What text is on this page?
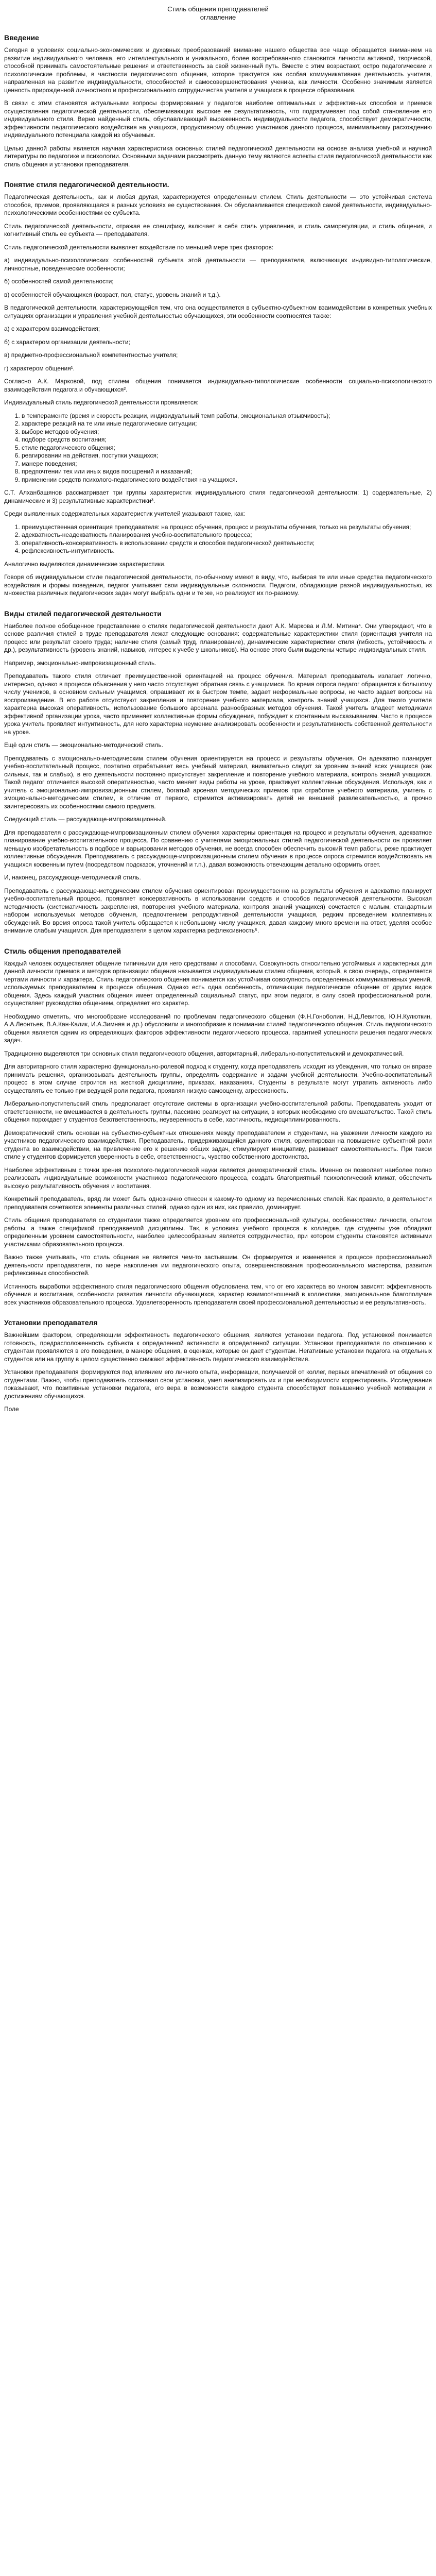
Стиль общения преподавателей
оглавление
Введение

Сегодня в условиях социально-экономических и духовных преобразований внимание нашего общества все чаще обращается вниманием на развитие индивидуального человека, его интеллектуального и уникального, более востребованного становится личности активной, творческой, способной принимать самостоятельные решения и ответственность за свой жизненный путь. Вместе с этим возрастают, остро педагогические и психологические проблемы, в частности педагогического общения, которое трактуется как особая коммуникативная деятельность учителя, направленная на развитие индивидуальности, способностей и самосовершенствования ученика, как личности. Особенно значимым является ценность прирожденной личностного и профессионального сотрудничества учителя и учащихся в процессе образования.

В связи с этим становятся актуальными вопросы формирования у педагогов наиболее оптимальных и эффективных способов и приемов осуществления педагогической деятельности, обеспечивающих высокие ее результативность, что подразумевает под собой становление его индивидуального стиля. Верно найденный стиль, обуславливающий выраженность индивидуальности педагога, способствует демократичности, эффективности педагогического воздействия на учащихся, продуктивному общению участников данного процесса, минимальному расхождению индивидуального потенциала каждой из обучаемых.

Целью данной работы является научная характеристика основных стилей педагогической деятельности на основе анализа учебной и научной литературы по педагогике и психологии. Основными задачами рассмотреть данную тему являются аспекты стиля педагогической деятельности как стиль общения и установки преподавателя.

Понятие стиля педагогической деятельности.

Педагогическая деятельность, как и любая другая, характеризуется определенным стилем. Стиль деятельности — это устойчивая система способов, приемов, проявляющаяся в разных условиях ее существования. Он обуславливается спецификой самой деятельности, индивидуально-психологическими особенностями ее субъекта.

Стиль педагогической деятельности, отражая ее специфику, включает в себя стиль управления, и стиль саморегуляции, и стиль общения, и когнитивный стиль ее субъекта — преподавателя.

Стиль педагогической деятельности выявляет воздействие по меньшей мере трех факторов:

a) индивидуально-психологических особенностей субъекта этой деятельности — преподавателя, включающих индивидно-типологические, личностные, поведенческие особенности;

б) особенностей самой деятельности;

в) особенностей обучающихся (возраст, пол, статус, уровень знаний и т.д.).

В педагогической деятельности, характеризующейся тем, что она осуществляется в субъектно-субъектном взаимодействии в конкретных учебных ситуациях организации и управления учебной деятельностью обучающихся, эти особенности соотносятся также:

a) с характером взаимодействия;

б) с характером организации деятельности;

в) предметно-профессиональной компетентностью учителя;

г) характером общения¹.

Согласно А.К. Марковой, под стилем общения понимается индивидуально-типологические особенности социально-психологического взаимодействия педагога и обучающихся².

Индивидуальный стиль педагогической деятельности проявляется:

1. в темпераменте (время и скорость реакции, индивидуальный темп работы, эмоциональная отзывчивость);
2. характере реакций на те или иные педагогические ситуации;
3. выборе методов обучения;
4. подборе средств воспитания;
5. стиле педагогического общения;
6. реагировании на действия, поступки учащихся;
7. манере поведения;
8. предпочтении тех или иных видов поощрений и наказаний;
9. применении средств психолого-педагогического воздействия на учащихся.

С.Т. Алханбашянов рассматривает три группы характеристик индивидуального стиля педагогической деятельности: 1) содержательные, 2) динамические и 3) результативные характеристики³.

Среди выявленных содержательных характеристик учителей указывают также, как:

1. преимущественная ориентация преподавателя: на процесс обучения, процесс и результаты обучения, только на результаты обучения;
2. адекватность-неадекватность планирования учебно-воспитательного процесса;
3. оперативность-консервативность в использовании средств и способов педагогической деятельности;
4. рефлексивность-интуитивность.

Аналогично выделяются динамические характеристики.

Говоря об индивидуальном стиле педагогической деятельности, по-обычному имеют в виду, что, выбирая те или иные средства педагогического воздействия и формы поведения, педагог учитывает свои индивидуальные склонности. Педагоги, обладающие разной индивидуальностью, из множества различных педагогических задач могут выбрать одни и те же, но реализуют их по-разному.

Виды стилей педагогической деятельности

Наиболее полное обобщенное представление о стилях педагогической деятельности дают А.К. Маркова и Л.М. Митина⁴. Они утверждают, что в основе различия стилей в труде преподавателя лежат следующие основания: содержательные характеристики стиля (ориентация учителя на процесс или результат своего труда; наличие стиля (самый труд, планирование), динамические характеристики стиля (гибкость, устойчивость и др.), результативность (уровень знаний, навыков, интерес к учебе у школьников). На основе этого были выделены четыре индивидуальных стиля.

Например, эмоционально-импровизационный стиль.

Преподаватель такого стиля отличает преимущественной ориентацией на процесс обучения. Материал преподаватель излагает логично, интересно, однако в процессе объяснения у него часто отсутствует обратная связь с учащимися. Во время опроса педагог обращается к большому числу учеников, в основном сильным учащимся, опрашивает их в быстром темпе, задает неформальные вопросы, не часто задает вопросы на воспроизведение. В его работе отсутствуют закрепления и повторение учебного материала, контроль знаний учащихся. Для такого учителя характерна высокая оперативность, использование большого арсенала разнообразных методов обучения. Такой учитель владеет методиками эффективной организации урока, часто применяет коллективные формы обсуждения, побуждает к спонтанным высказываниям. Часто в процессе урока учитель проявляет интуитивность, для него характерна неумение анализировать особенности и результативность собственной деятельности на уроке.

Ещё один стиль — эмоционально-методический стиль.

Преподаватель с эмоционально-методическим стилем обучения ориентируется на процесс и результаты обучения. Он адекватно планирует учебно-воспитательный процесс, поэтапно отрабатывает весь учебный материал, внимательно следит за уровнем знаний всех учащихся (как сильных, так и слабых), в его деятельности постоянно присутствует закрепление и повторение учебного материала, контроль знаний учащихся. Такой педагог отличается высокой оперативностью, часто меняет виды работы на уроке, практикует коллективные обсуждения. Используя, как и учитель с эмоционально-импровизационным стилем, богатый арсенал методических приемов при отработке учебного материала, учитель с эмоционально-методическим стилем, в отличие от первого, стремится активизировать детей не внешней развлекательностью, а прочно заинтересовать их особенностями самого предмета.

Следующий стиль — рассуждающе-импровизационный.

Для преподавателя с рассуждающе-импровизационным стилем обучения характерны ориентация на процесс и результаты обучения, адекватное планирование учебно-воспитательного процесса. По сравнению с учителями эмоциональных стилей педагогической деятельности он проявляет меньшую изобретательность в подборе и варьировании методов обучения, не всегда способен обеспечить высокий темп работы, реже практикует коллективные обсуждения. Преподаватель с рассуждающе-импровизационным стилем обучения в процессе опроса стремится воздействовать на учащихся косвенным путем (посредством подсказок, уточнений и т.п.), давая возможность отвечающим детально оформить ответ.

И, наконец, рассуждающе-методический стиль.

Преподаватель с рассуждающе-методическим стилем обучения ориентирован преимущественно на результаты обучения и адекватно планирует учебно-воспитательный процесс, проявляет консервативность в использовании средств и способов педагогической деятельности. Высокая методичность (систематичность закрепления, повторения учебного материала, контроля знаний учащихся) сочетается с малым, стандартным набором используемых методов обучения, предпочтением репродуктивной деятельности учащихся, редким проведением коллективных обсуждений. Во время опроса такой учитель обращается к небольшому числу учащихся, давая каждому много времени на ответ, уделяя особое внимание слабым учащимся. Для преподавателя в целом характерна рефлексивность⁵.

Стиль общения преподавателей

Каждый человек осуществляет общение типичными для него средствами и способами. Совокупность относительно устойчивых и характерных для данной личности приемов и методов организации общения называется индивидуальным стилем общения, который, в свою очередь, определяется чертами личности и характера. Стиль педагогического общения понимается как устойчивая совокупность определенных коммуникативных умений, используемых преподавателем в процессе общения. Однако есть одна особенность, отличающая педагогическое общение от других видов общения. Здесь каждый участник общения имеет определенный социальный статус, при этом педагог, в силу своей профессиональной роли, осуществляет руководство общением, определяет его характер.

Необходимо отметить, что многообразие исследований по проблемам педагогического общения (Ф.Н.Гоноболин, Н.Д.Левитов, Ю.Н.Кулюткин, А.А.Леонтьев, В.А.Кан-Калик, И.А.Зимняя и др.) обусловили и многообразие в понимании стилей педагогического общения. Стиль педагогического общения является одним из определяющих факторов эффективности педагогического процесса, гарантией успешности решения педагогических задач.

Традиционно выделяются три основных стиля педагогического общения, авторитарный, либерально-попустительский и демократический.

Для авторитарного стиля характерно функционально-ролевой подход к студенту, когда преподаватель исходит из убеждения, что только он вправе принимать решения, организовывать деятельность группы, определять содержание и задачи учебной деятельности. Учебно-воспитательный процесс в этом случае строится на жесткой дисциплине, приказах, наказаниях. Студенты в результате могут утратить активность либо осуществлять ее только при ведущей роли педагога, проявляя низкую самооценку, агрессивность.

Либерально-попустительский стиль предполагает отсутствие системы в организации учебно-воспитательной работы. Преподаватель уходит от ответственности, не вмешивается в деятельность группы, пассивно реагирует на ситуации, в которых необходимо его вмешательство. Такой стиль общения порождает у студентов безответственность, неуверенность в себе, хаотичность, недисциплинированность.

Демократический стиль основан на субъектно-субъектных отношениях между преподавателем и студентами, на уважении личности каждого из участников педагогического взаимодействия. Преподаватель, придерживающийся данного стиля, ориентирован на повышение субъектной роли студента во взаимодействии, на привлечение его к решению общих задач, стимулирует инициативу, развивает самостоятельность. При таком стиле у студентов формируется уверенность в себе, ответственность, чувство собственного достоинства.

Наиболее эффективным с точки зрения психолого-педагогической науки является демократический стиль. Именно он позволяет наиболее полно реализовать индивидуальные возможности участников педагогического процесса, создать благоприятный психологический климат, обеспечить высокую результативность обучения и воспитания.

Конкретный преподаватель, вряд ли может быть однозначно отнесен к какому-то одному из перечисленных стилей. Как правило, в деятельности преподавателя сочетаются элементы различных стилей, однако один из них, как правило, доминирует.

Стиль общения преподавателя со студентами также определяется уровнем его профессиональной культуры, особенностями личности, опытом работы, а также спецификой преподаваемой дисциплины. Так, в условиях учебного процесса в колледже, где студенты уже обладают определенным уровнем самостоятельности, наиболее целесообразным является сотрудничество, при котором студенты становятся активными участниками образовательного процесса.

Важно также учитывать, что стиль общения не является чем-то застывшим. Он формируется и изменяется в процессе профессиональной деятельности преподавателя, по мере накопления им педагогического опыта, совершенствования профессионального мастерства, развития рефлексивных способностей.

Истинность выработки эффективного стиля педагогического общения обусловлена тем, что от его характера во многом зависят: эффективность обучения и воспитания, особенности развития личности обучающихся, характер взаимоотношений в коллективе, эмоциональное благополучие всех участников образовательного процесса. Удовлетворенность преподавателя своей профессиональной деятельностью и ее результативность.

Установки преподавателя

Важнейшим фактором, определяющим эффективность педагогического общения, являются установки педагога. Под установкой понимается готовность, предрасположенность субъекта к определенной активности в определенной ситуации. Установки преподавателя по отношению к студентам проявляются в его поведении, в манере общения, в оценках, которые он дает студентам. Негативные установки педагога на отдельных студентов или на группу в целом существенно снижают эффективность педагогического взаимодействия.

Установки преподавателя формируются под влиянием его личного опыта, информации, получаемой от коллег, первых впечатлений от общения со студентами. Важно, чтобы преподаватель осознавал свои установки, умел анализировать их и при необходимости корректировать. Исследования показывают, что позитивные установки педагога, его вера в возможности каждого студента способствуют повышению учебной мотивации и достижениям обучающихся.

Поле
